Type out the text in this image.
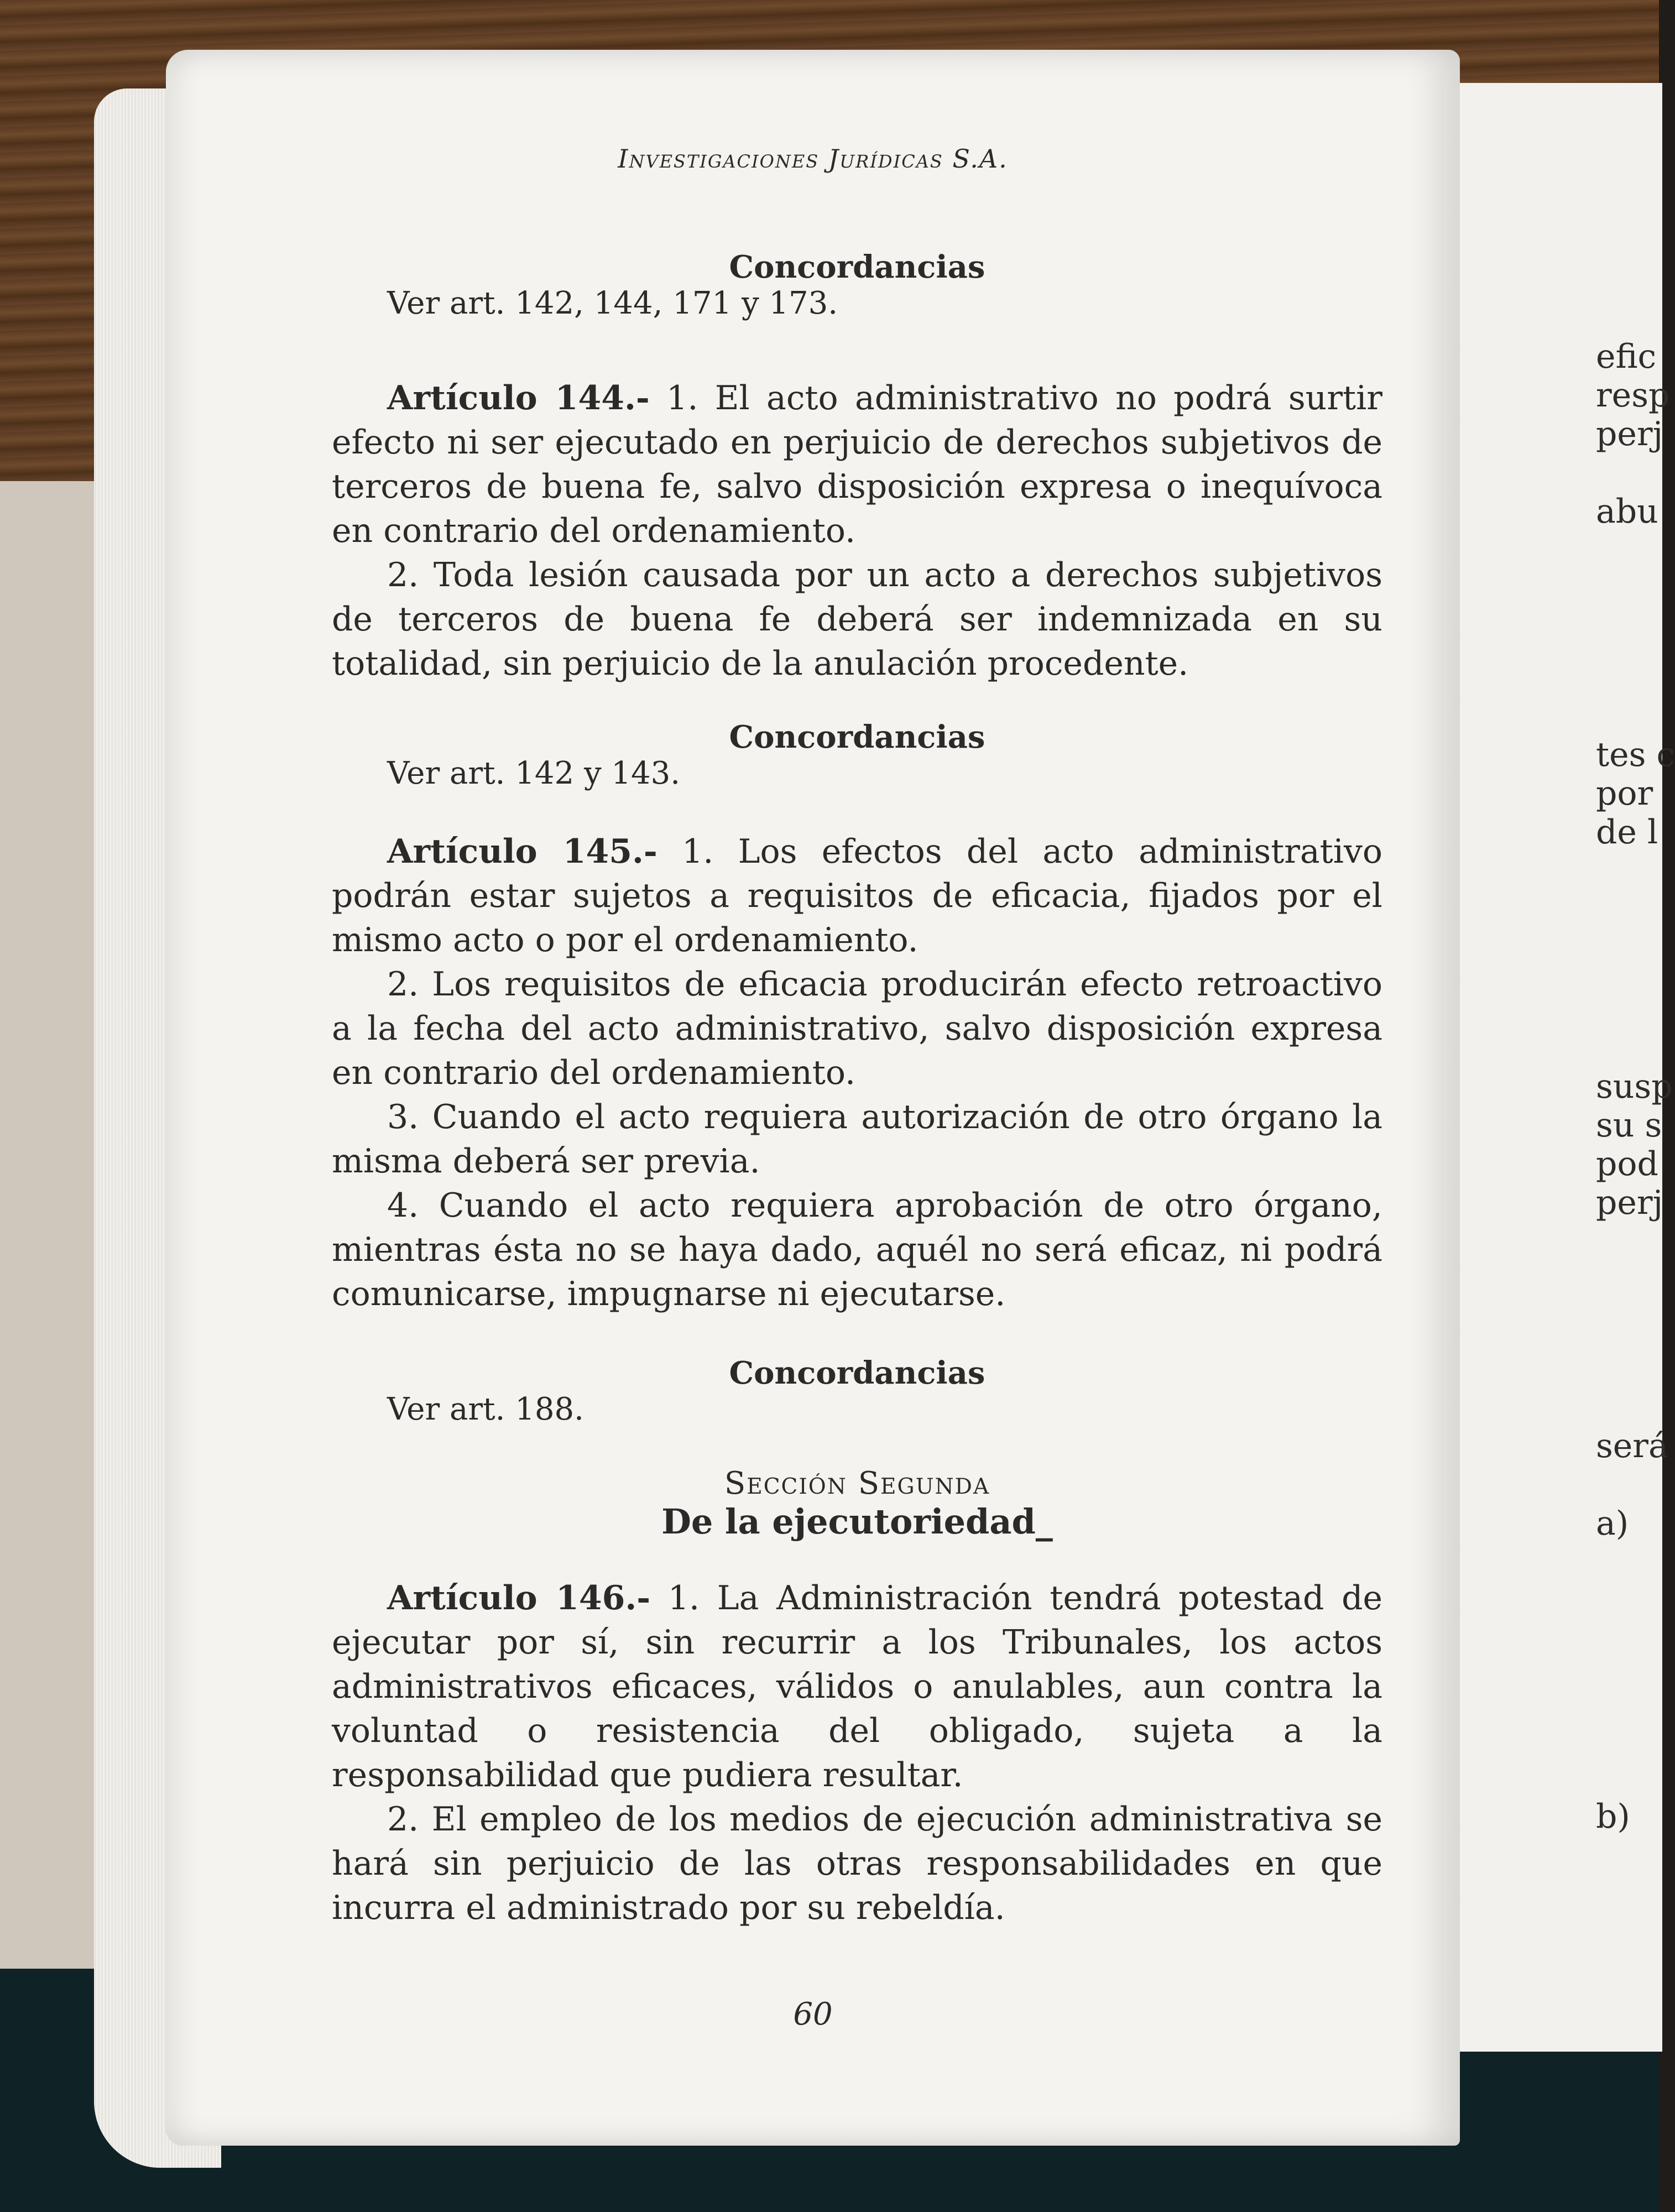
efic
resp
perj
abu
tes c
por
de l
susp
su s
pod
perj
será
a)
b)
Investigaciones Jurídicas S.A.

Concordancias

Ver art. 142, 144, 171 y 173.

Artículo 144.- 1. El acto administrativo no podrá surtir efecto ni ser ejecutado en perjuicio de derechos subjetivos de terceros de buena fe, salvo disposición expresa o inequívoca en contrario del ordenamiento.

2. Toda lesión causada por un acto a derechos subjetivos de terceros de buena fe deberá ser indemnizada en su totalidad, sin perjuicio de la anulación procedente.

Concordancias

Ver art. 142 y 143.

Artículo 145.- 1. Los efectos del acto administrativo podrán estar sujetos a requisitos de eficacia, fijados por el mismo acto o por el ordenamiento.

2. Los requisitos de eficacia producirán efecto retroactivo a la fecha del acto administrativo, salvo disposición expresa en contrario del ordenamiento.

3. Cuando el acto requiera autorización de otro órgano la misma deberá ser previa.

4. Cuando el acto requiera aprobación de otro órgano, mientras ésta no se haya dado, aquél no será eficaz, ni podrá comunicarse, impugnarse ni ejecutarse.

Concordancias

Ver art. 188.

Sección Segunda

De la ejecutoriedad_

Artículo 146.- 1. La Administración tendrá potestad de ejecutar por sí, sin recurrir a los Tribunales, los actos administrativos eficaces, válidos o anulables, aun contra la voluntad o resistencia del obligado, sujeta a la responsabilidad que pudiera resultar.

2. El empleo de los medios de ejecución administrativa se hará sin perjuicio de las otras responsabilidades en que incurra el administrado por su rebeldía.

60
